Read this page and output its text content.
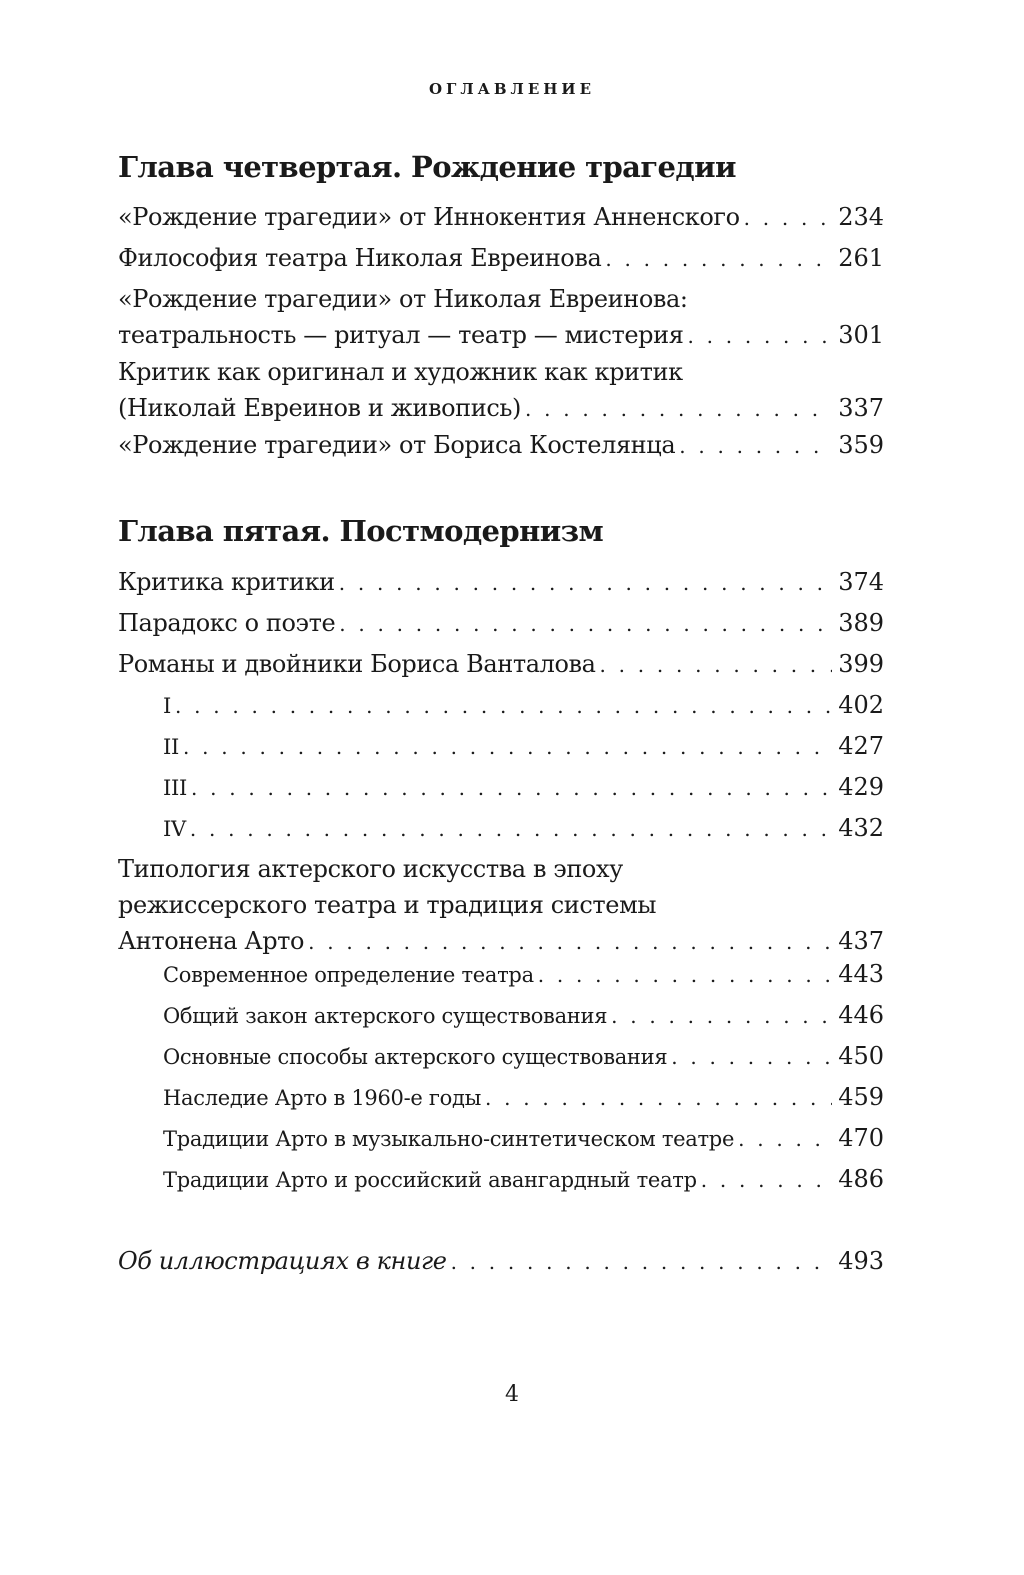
ОГЛАВЛЕНИЕ
Глава четвертая. Рождение трагедии
«Рождение трагедии» от Иннокентия Анненского . . .	234
Философия театра Николая Евреинова . . .	261
«Рождение трагедии» от Николая Евреинова:
театральность — ритуал — театр — мистерия . . .	301
Критик как оригинал и художник как критик
(Николай Евреинов и живопись) . . .	337
«Рождение трагедии» от Бориса Костелянца . . .	359
Глава пятая. Постмодернизм
Критика критики . . .	374
Парадокс о поэте . . .	389
Романы и двойники Бориса Ванталова . . .	399
I . . .	402
II . . .	427
III . . .	429
IV . . .	432
Типология актерского искусства в эпоху
режиссерского театра и традиция системы
Антонена Арто . . .	437
Современное определение театра . . .	443
Общий закон актерского существования . . .	446
Основные способы актерского существования . . .	450
Наследие Арто в 1960-е годы . . .	459
Традиции Арто в музыкально-синтетическом театре . . .	470
Традиции Арто и российский авангардный театр . . .	486
Об иллюстрациях в книге . . .	493
4
